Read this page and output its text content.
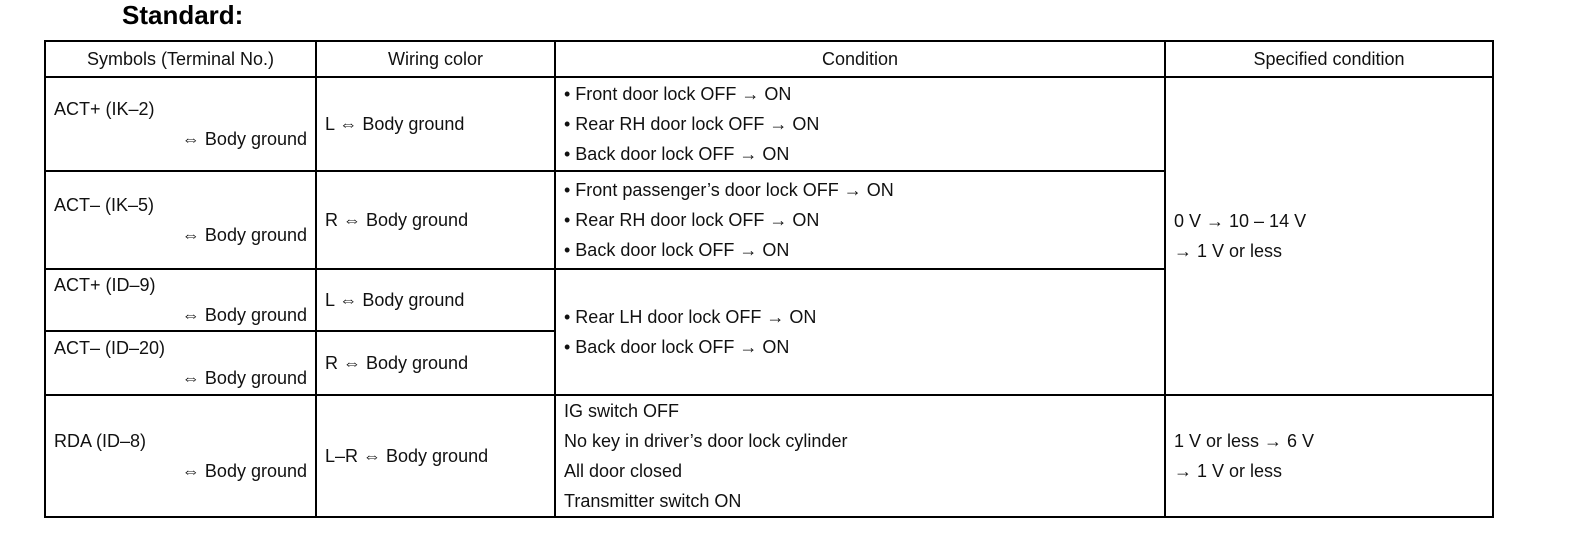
Standard:
Symbols (Terminal No.)	Wiring color	Condition	Specified condition

ACT+ (IK–2)
⇔ Body ground	L ⇔ Body ground	• Front door lock OFF → ON
• Rear RH door lock OFF → ON
• Back door lock OFF → ON	0 V → 10 – 14 V
→ 1 V or less

ACT– (IK–5)
⇔ Body ground	R ⇔ Body ground	• Front passenger’s door lock OFF → ON
• Rear RH door lock OFF → ON
• Back door lock OFF → ON	

ACT+ (ID–9)
⇔ Body ground	L ⇔ Body ground	• Rear LH door lock OFF → ON
• Back door lock OFF → ON	

ACT– (ID–20)
⇔ Body ground	R ⇔ Body ground		

RDA (ID–8)
⇔ Body ground	L–R ⇔ Body ground	IG switch OFF
No key in driver’s door lock cylinder
All door closed
Transmitter switch ON	1 V or less → 6 V
→ 1 V or less
